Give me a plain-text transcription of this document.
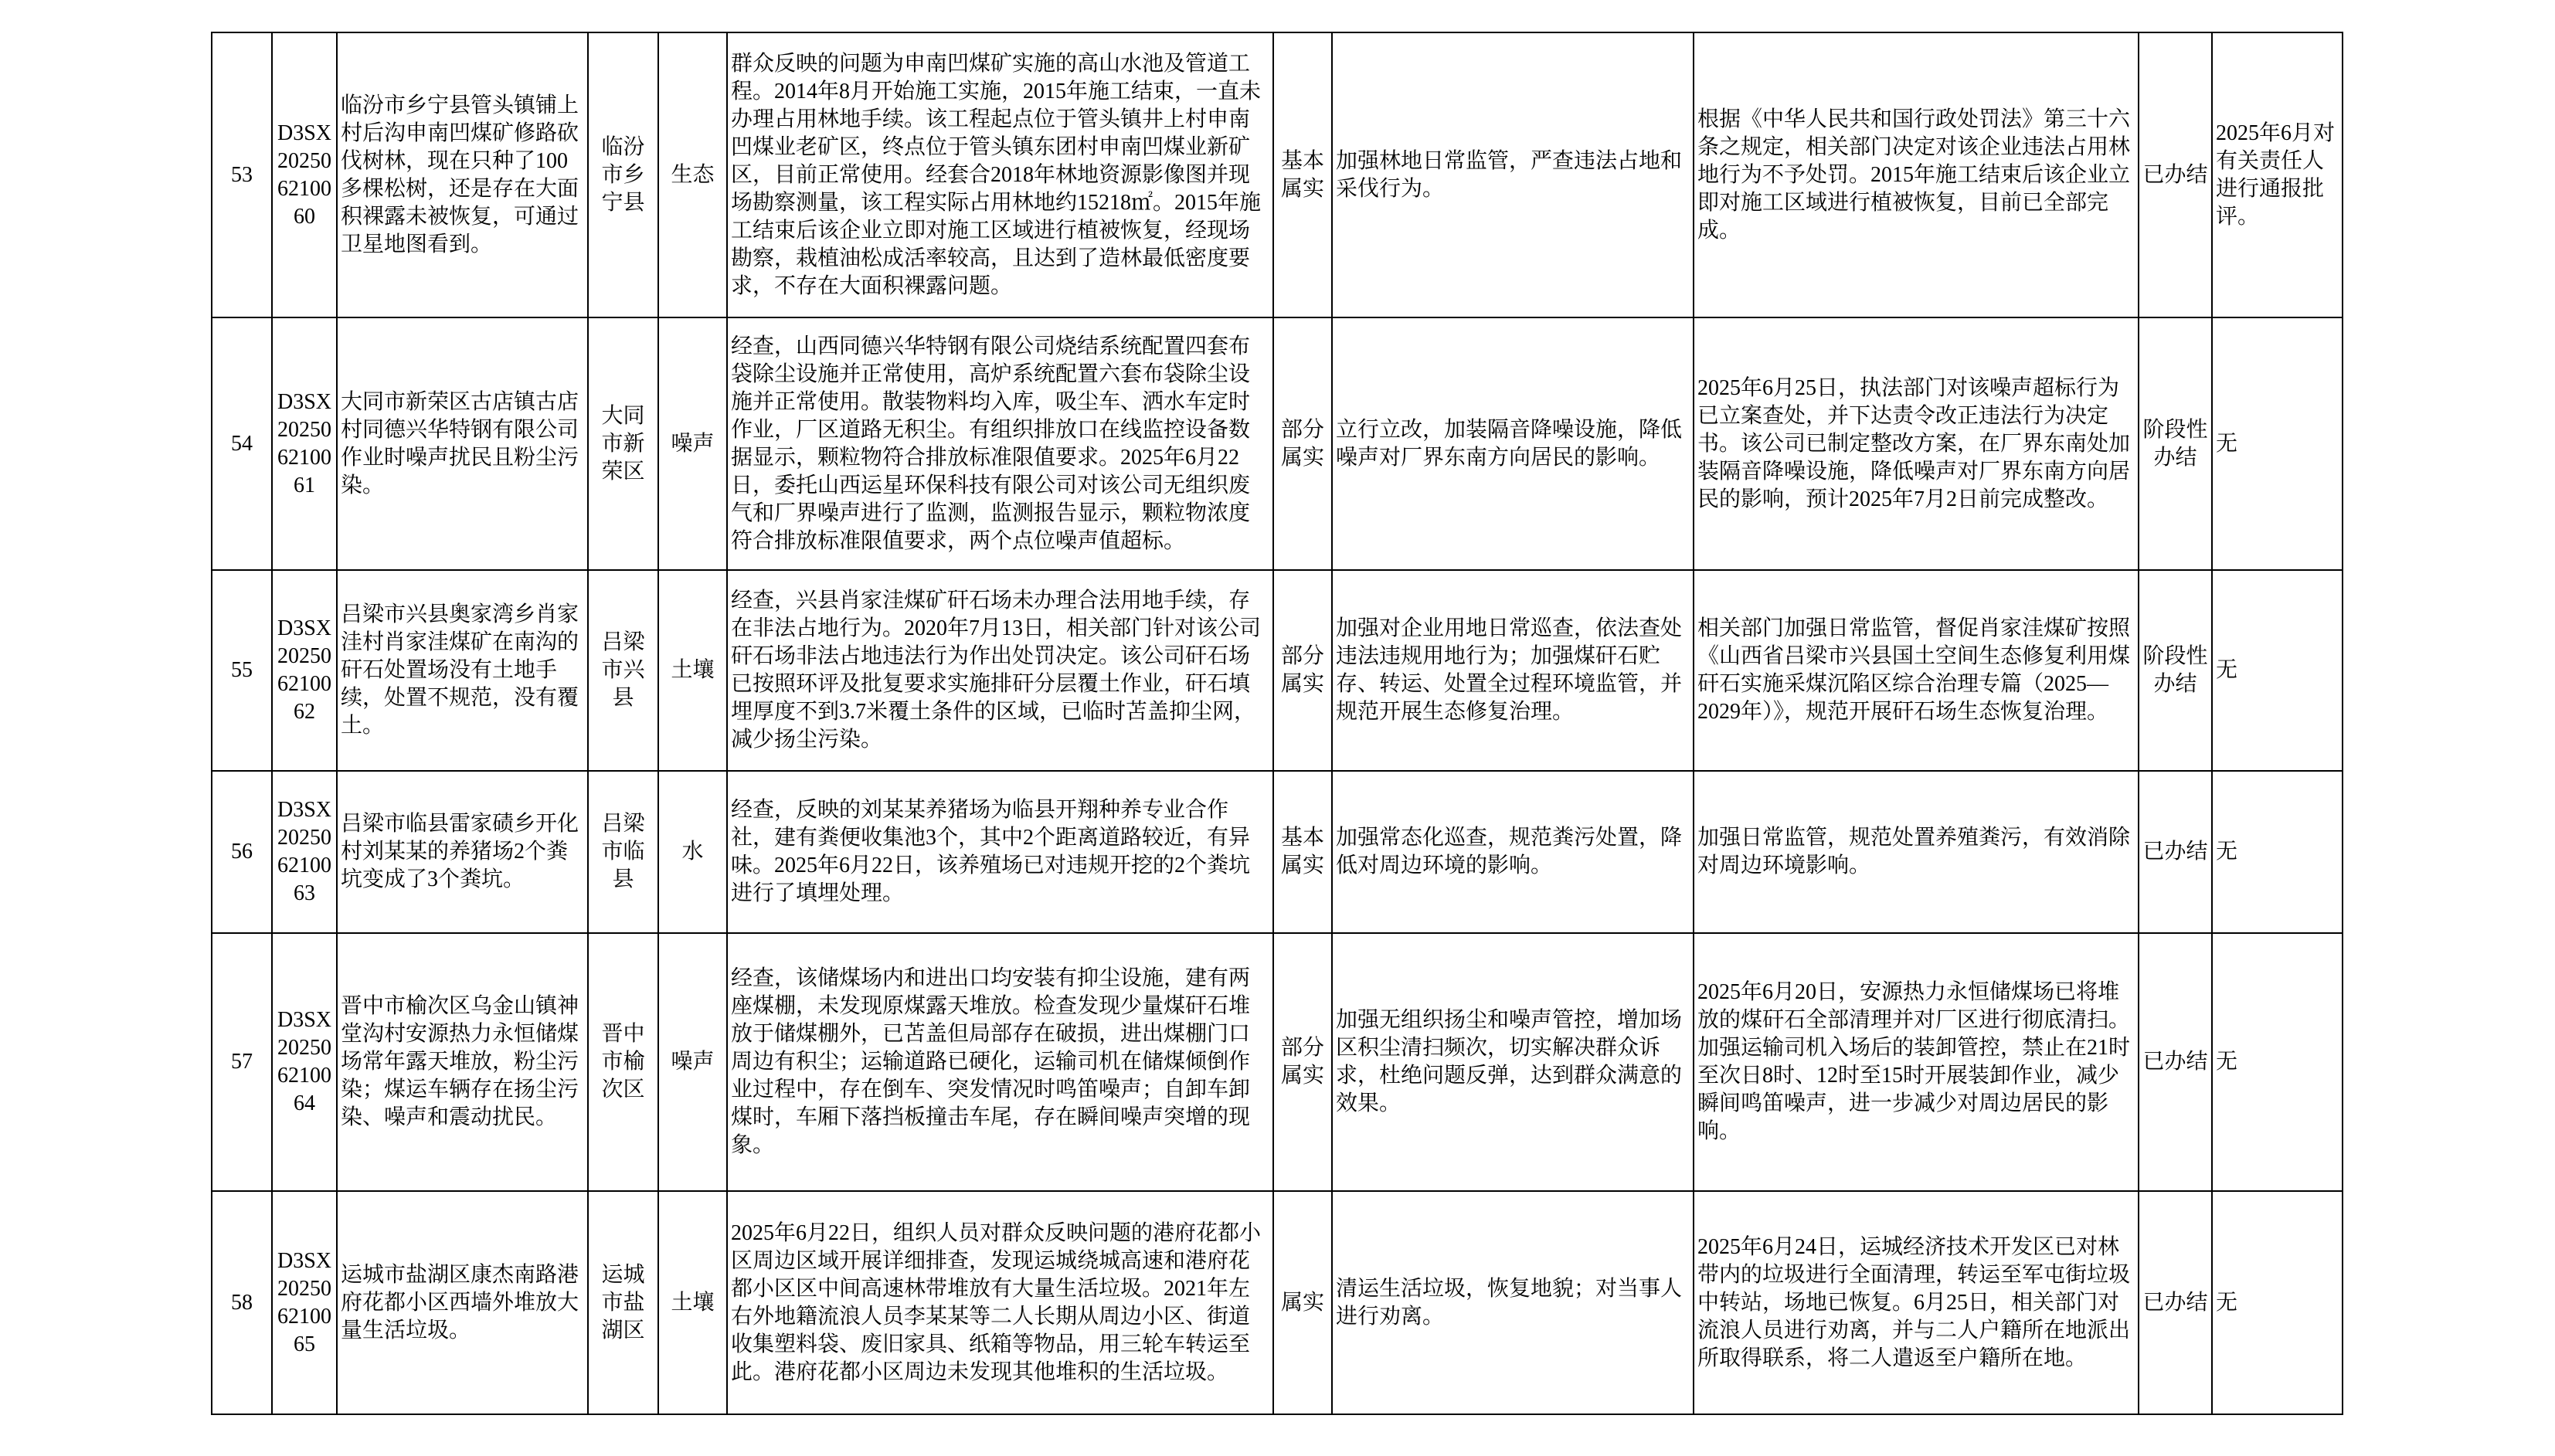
53
D3SX202506210060
临汾市乡宁县管头镇铺上村后沟申南凹煤矿修路砍伐树林，现在只种了100多棵松树，还是存在大面积裸露未被恢复，可通过卫星地图看到。
临汾市乡宁县
生态
群众反映的问题为申南凹煤矿实施的高山水池及管道工程。2014年8月开始施工实施，2015年施工结束，一直未办理占用林地手续。该工程起点位于管头镇井上村申南凹煤业老矿区，终点位于管头镇东团村申南凹煤业新矿区，目前正常使用。经套合2018年林地资源影像图并现场勘察测量，该工程实际占用林地约15218㎡。2015年施工结束后该企业立即对施工区域进行植被恢复，经现场勘察，栽植油松成活率较高，且达到了造林最低密度要求，不存在大面积裸露问题。
基本属实
加强林地日常监管，严查违法占地和采伐行为。
根据《中华人民共和国行政处罚法》第三十六条之规定，相关部门决定对该企业违法占用林地行为不予处罚。2015年施工结束后该企业立即对施工区域进行植被恢复，目前已全部完成。
已办结
2025年6月对有关责任人进行通报批评。
54
D3SX202506210061
大同市新荣区古店镇古店村同德兴华特钢有限公司作业时噪声扰民且粉尘污染。
大同市新荣区
噪声
经查，山西同德兴华特钢有限公司烧结系统配置四套布袋除尘设施并正常使用，高炉系统配置六套布袋除尘设施并正常使用。散装物料均入库，吸尘车、洒水车定时作业，厂区道路无积尘。有组织排放口在线监控设备数据显示，颗粒物符合排放标准限值要求。2025年6月22日，委托山西运星环保科技有限公司对该公司无组织废气和厂界噪声进行了监测，监测报告显示，颗粒物浓度符合排放标准限值要求，两个点位噪声值超标。
部分属实
立行立改，加装隔音降噪设施，降低噪声对厂界东南方向居民的影响。
2025年6月25日，执法部门对该噪声超标行为已立案查处，并下达责令改正违法行为决定书。该公司已制定整改方案，在厂界东南处加装隔音降噪设施，降低噪声对厂界东南方向居民的影响，预计2025年7月2日前完成整改。
阶段性办结
无
55
D3SX202506210062
吕梁市兴县奥家湾乡肖家洼村肖家洼煤矿在南沟的矸石处置场没有土地手续，处置不规范，没有覆土。
吕梁市兴县
土壤
经查，兴县肖家洼煤矿矸石场未办理合法用地手续，存在非法占地行为。2020年7月13日，相关部门针对该公司矸石场非法占地违法行为作出处罚决定。该公司矸石场已按照环评及批复要求实施排矸分层覆土作业，矸石填埋厚度不到3.7米覆土条件的区域，已临时苫盖抑尘网，减少扬尘污染。
部分属实
加强对企业用地日常巡查，依法查处违法违规用地行为；加强煤矸石贮存、转运、处置全过程环境监管，并规范开展生态修复治理。
相关部门加强日常监管，督促肖家洼煤矿按照《山西省吕梁市兴县国土空间生态修复利用煤矸石实施采煤沉陷区综合治理专篇（2025—2029年）》，规范开展矸石场生态恢复治理。
阶段性办结
无
56
D3SX202506210063
吕梁市临县雷家碛乡开化村刘某某的养猪场2个粪坑变成了3个粪坑。
吕梁市临县
水
经查，反映的刘某某养猪场为临县开翔种养专业合作社，建有粪便收集池3个，其中2个距离道路较近，有异味。2025年6月22日，该养殖场已对违规开挖的2个粪坑进行了填埋处理。
基本属实
加强常态化巡查，规范粪污处置，降低对周边环境的影响。
加强日常监管，规范处置养殖粪污，有效消除对周边环境影响。
已办结 无
57
D3SX202506210064
晋中市榆次区乌金山镇神堂沟村安源热力永恒储煤场常年露天堆放，粉尘污染；煤运车辆存在扬尘污染、噪声和震动扰民。
晋中市榆次区
噪声
经查，该储煤场内和进出口均安装有抑尘设施，建有两座煤棚，未发现原煤露天堆放。检查发现少量煤矸石堆放于储煤棚外，已苫盖但局部存在破损，进出煤棚门口周边有积尘；运输道路已硬化，运输司机在储煤倾倒作业过程中，存在倒车、突发情况时鸣笛噪声；自卸车卸煤时，车厢下落挡板撞击车尾，存在瞬间噪声突增的现象。
部分属实
加强无组织扬尘和噪声管控，增加场区积尘清扫频次，切实解决群众诉求，杜绝问题反弹，达到群众满意的效果。
2025年6月20日，安源热力永恒储煤场已将堆放的煤矸石全部清理并对厂区进行彻底清扫。加强运输司机入场后的装卸管控，禁止在21时至次日8时、12时至15时开展装卸作业，减少瞬间鸣笛噪声，进一步减少对周边居民的影响。
已办结 无
58
D3SX202506210065
运城市盐湖区康杰南路港府花都小区西墙外堆放大量生活垃圾。
运城市盐湖区
土壤
2025年6月22日，组织人员对群众反映问题的港府花都小区周边区域开展详细排查，发现运城绕城高速和港府花都小区区中间高速林带堆放有大量生活垃圾。2021年左右外地籍流浪人员李某某等二人长期从周边小区、街道收集塑料袋、废旧家具、纸箱等物品，用三轮车转运至此。港府花都小区周边未发现其他堆积的生活垃圾。
属实
清运生活垃圾，恢复地貌；对当事人进行劝离。
2025年6月24日，运城经济技术开发区已对林带内的垃圾进行全面清理，转运至军屯街垃圾中转站，场地已恢复。6月25日，相关部门对流浪人员进行劝离，并与二人户籍所在地派出所取得联系，将二人遣返至户籍所在地。
已办结 无
